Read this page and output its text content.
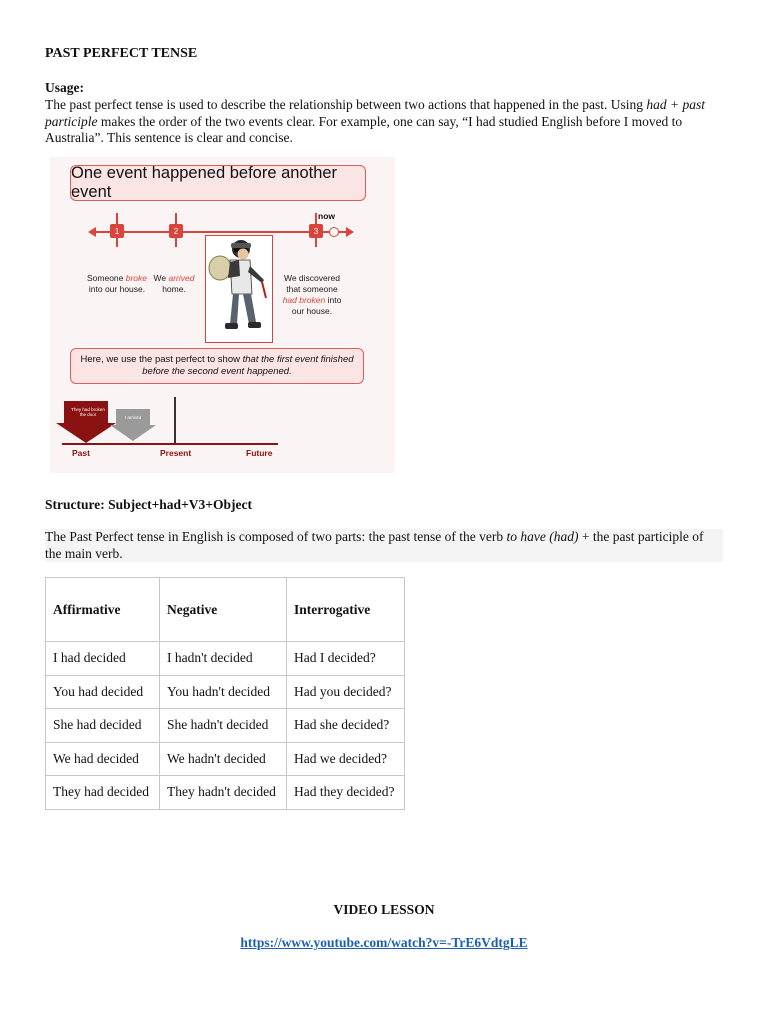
PAST PERFECT TENSE
Usage:
The past perfect tense is used to describe the relationship between two actions that happened in the past. Using had + past participle makes the order of the two events clear. For example, one can say, “I had studied English before I moved to Australia”. This sentence is clear and concise.
One event happened before another event
now
1	2	3
Someone broke
into our house.
We arrived
home.
We discovered that someone
had broken into our house.
Here, we use the past perfect to show that the first event finished before the second event happened.
They had broken the door
I arrived
Past	Present	Future
Structure: Subject+had+V3+Object
The Past Perfect tense in English is composed of two parts: the past tense of the verb to have (had) + the past participle of the main verb.
Affirmative	Negative	Interrogative
I had decided	I hadn't decided	Had I decided?
You had decided	You hadn't decided	Had you decided?
She had decided	She hadn't decided	Had she decided?
We had decided	We hadn't decided	Had we decided?
They had decided	They hadn't decided	Had they decided?
VIDEO LESSON
https://www.youtube.com/watch?v=-TrE6VdtgLE
